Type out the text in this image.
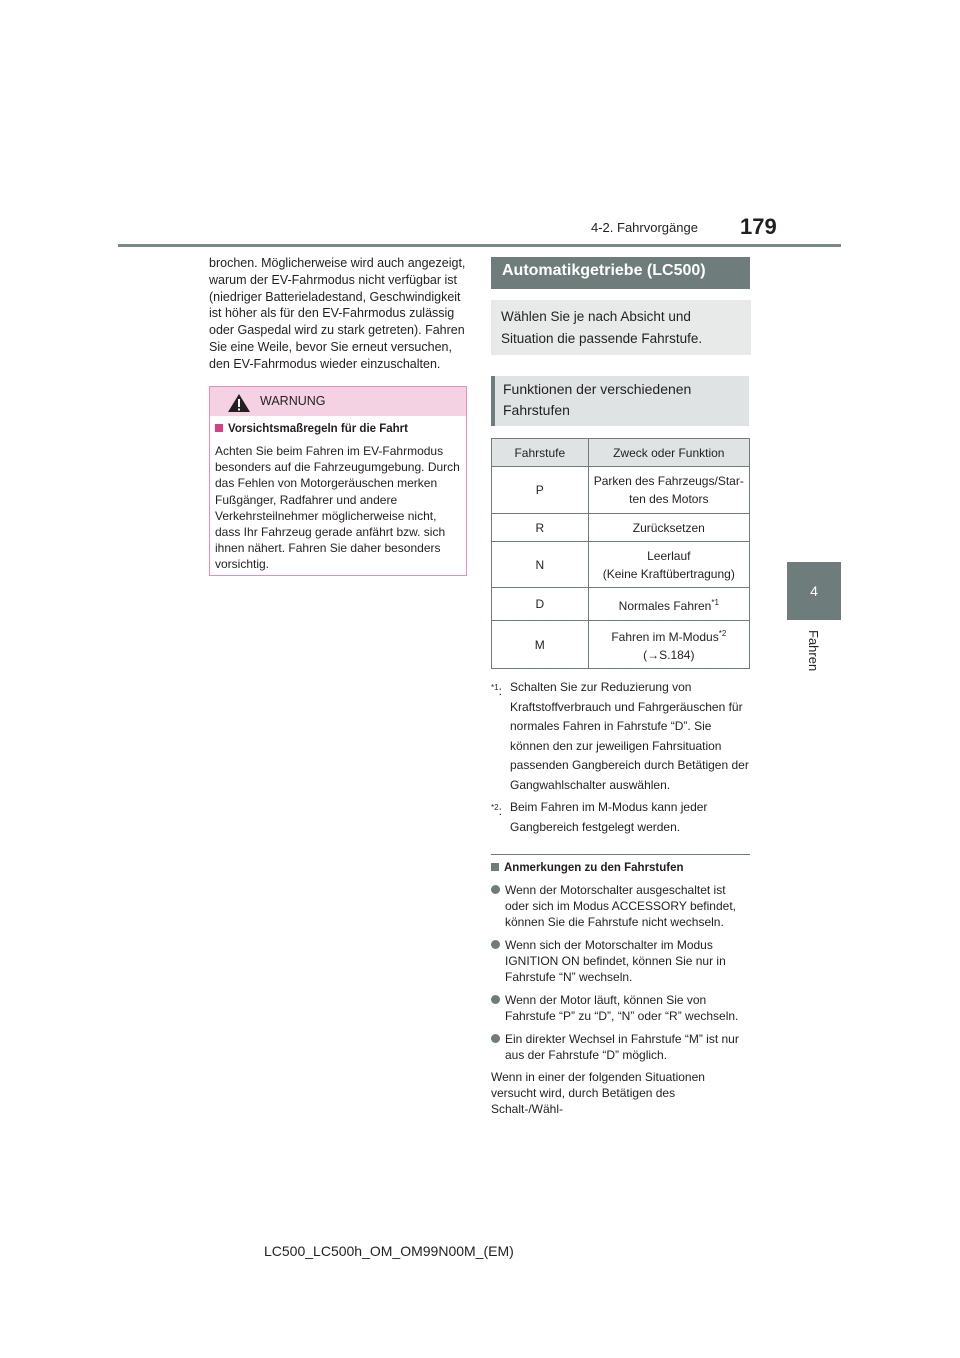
4-2. Fahrvorgänge 179
4
Fahren
brochen. Möglicherweise wird auch angezeigt, warum der EV-Fahrmodus nicht verfügbar ist (niedriger Batterieladestand, Geschwindigkeit ist höher als für den EV-Fahrmodus zulässig oder Gaspedal wird zu stark getreten). Fahren Sie eine Weile, bevor Sie erneut versuchen, den EV-Fahrmodus wieder einzuschalten.
WARNUNG
Vorsichtsmaßregeln für die Fahrt
Achten Sie beim Fahren im EV-Fahrmodus besonders auf die Fahrzeugumgebung. Durch das Fehlen von Motorgeräuschen merken Fußgänger, Radfahrer und andere Verkehrsteilnehmer möglicherweise nicht, dass Ihr Fahrzeug gerade anfährt bzw. sich ihnen nähert. Fahren Sie daher besonders vorsichtig.
Automatikgetriebe (LC500)
Wählen Sie je nach Absicht und Situation die passende Fahrstufe.
Funktionen der verschiedenen Fahrstufen
Fahrstufe	Zweck oder Funktion
P	Parken des Fahrzeugs/Star-
ten des Motors

R	Zurücksetzen

N	Leerlauf
(Keine Kraftübertragung)

D	Normales Fahren$^{*1}$

M	Fahren im M-Modus$^{*2}$
(→S.184)
$^{*1}$: Schalten Sie zur Reduzierung von Kraftstoffverbrauch und Fahrgeräuschen für normales Fahren in Fahrstufe “D”. Sie können den zur jeweiligen Fahrsituation passenden Gangbereich durch Betätigen der Gangwahlschalter auswählen.
$^{*2}$: Beim Fahren im M-Modus kann jeder Gangbereich festgelegt werden.
Anmerkungen zu den Fahrstufen
Wenn der Motorschalter ausgeschaltet ist oder sich im Modus ACCESSORY befindet, können Sie die Fahrstufe nicht wechseln.
Wenn sich der Motorschalter im Modus IGNITION ON befindet, können Sie nur in Fahrstufe “N” wechseln.
Wenn der Motor läuft, können Sie von Fahrstufe “P” zu “D”, “N” oder “R” wechseln.
Ein direkter Wechsel in Fahrstufe “M” ist nur aus der Fahrstufe “D” möglich.
Wenn in einer der folgenden Situationen versucht wird, durch Betätigen des Schalt-/Wähl-
LC500_LC500h_OM_OM99N00M_(EM)
